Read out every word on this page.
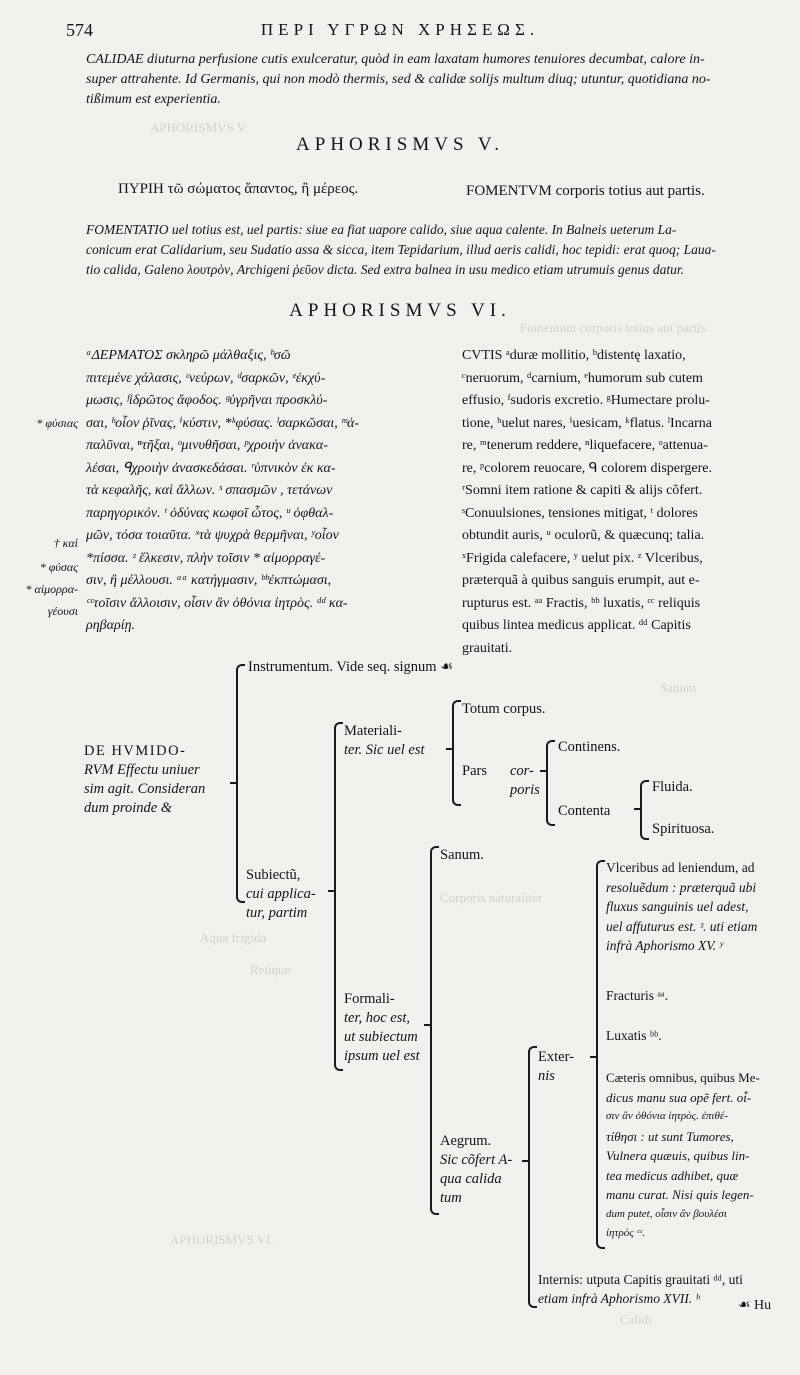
APHORISMVS V.
Fomentum corporis totius aut partis.
Corporis naturaliter
Aqua frigida
APHORISMVS VI.
Relique
Sanum
Calidi
574	ΠΕΡΙ ΥΓΡΩΝ ΧΡΗΣΕΩΣ.
CALIDAE diuturna perfusione cutis exulceratur, quòd in eam laxatam humores tenuiores decumbat, calore in-
super attrahente. Id Germanis, qui non modò thermis, sed & calidæ solijs multum diuq; utuntur, quotidiana no-
tißimum est experientia.
APHORISMVS V.
ΠΥΡΙΗ τῶ σώματος ἅπαντος, ἢ μέρεος.	FOMENTVM corporis totius aut partis.
FOMENTATIO uel totius est, uel partis: siue ea fiat uapore calido, siue aqua calente. In Balneis ueterum La-
conicum erat Calidarium, seu Sudatio assa & sicca, item Tepidarium, illud aeris calidi, hoc tepidi: erat quoq; Laua-
tio calida, Galeno λουτρὸν, Archigeni ῥεῦον dicta. Sed extra balnea in usu medico etiam utrumuis genus datur.
APHORISMVS VI.
* φύσιας
† καὶ
* φύσας
* αἱμορρα-
γέουσι
ᵃΔΕΡΜΑΤΟΣ σκληρῶ μάλθαξις, ᵇσῶ
πιτεμένε χάλασις, ᶜνεύρων, ᵈσαρκῶν, ᵉἐκχύ-
μωσις, ᶠἱδρῶτος ἄφοδος. ᵍὑγρῆναι προσκλύ-
σαι, ʰοἷον ῥῖνας, ⁱκύστιν, *ᵏφύσας. ˡσαρκῶσαι, ᵐἁ-
παλῦναι, ⁿτῆξαι, ᵒμινυθῆσαι, ᵖχροιὴν ἀνακα-
λέσαι, ᑫχροιὴν ἀνασκεδάσαι. ʳὑπνικὸν ἐκ κα-
τὰ κεφαλῆς, καὶ ἄλλων. ˢ σπασμῶν , τετάνων
παρηγορικόν. ᵗ ὀδύνας κωφοῖ ὦτος, ᵘ ὀφθαλ-
μῶν, τόσα τοιαῦτα. ˣτὰ ψυχρὰ θερμῆναι, ʸοἷον
*πίσσα. ᶻ ἕλκεσιν, πλὴν τοῖσιν * αἱμορραγέ-
σιν, ἢ μέλλουσι. ᵃᵃ κατήγμασιν, ᵇᵇἐκπτώμασι,
ᶜᶜτοῖσιν ἄλλοισιν, οἷσιν ἂν ὀθόνια ἰητρὸς. ᵈᵈ κα-
ρηβαρίῃ.
CVTIS ᵃduræ mollitio, ᵇdistentę laxatio,
ᶜneruorum, ᵈcarnium, ᵉhumorum sub cutem
effusio, ᶠsudoris excretio. ᵍHumectare prolu-
tione, ʰuelut nares, ⁱuesicam, ᵏflatus. ˡIncarna
re, ᵐtenerum reddere, ⁿliquefacere, ᵒattenua-
re, ᵖcolorem reuocare, ᑫ colorem dispergere.
ʳSomni item ratione & capiti & alijs cõfert.
ˢConuulsiones, tensiones mitigat, ᵗ dolores
obtundit auris, ᵘ oculorũ, & quæcunq; talia.
ˣFrigida calefacere, ʸ uelut pix. ᶻ Vlceribus,
præterquã à quibus sanguis erumpit, aut e-
rupturus est. ᵃᵃ Fractis, ᵇᵇ luxatis, ᶜᶜ reliquis
quibus lintea medicus applicat. ᵈᵈ Capitis
grauitati.
DE HVMIDO-
RVM Effectu uniuer
sim agit. Consideran
dum proinde &
Instrumentum. Vide seq. signum ☙
Subiectũ,
cui applica-
tur, partim
Materiali-
ter. Sic uel est
Totum corpus.
Pars cor-
poris
Continens.
Contenta
Fluida.
Spirituosa.
Formali-
ter, hoc est,
ut subiectum
ipsum uel est
Sanum.
Aegrum.
Sic cõfert A-
qua calida
tum
Exter-
nis
Vlceribus ad leniendum, ad
resoluẽdum : præterquã ubi
fluxus sanguinis uel adest,
uel affuturus est. ᶻ. uti etiam
infrà Aphorismo XV. ʸ
Fracturis ᵃᵃ.
Luxatis ᵇᵇ.
Cæteris omnibus, quibus Me-
dicus manu sua opẽ fert. οἷ-
σιν ἂν ὀθόνια ἰητρὸς. ἐπιθέ-
τίθησι : ut sunt Tumores,
Vulnera quæuis, quibus lin-
tea medicus adhibet, quæ
manu curat. Nisi quis legen-
dum putet, οἷσιν ἂν βουλέσι
ἰητρὸς ᶜᶜ.
Internis: utputa Capitis grauitati ᵈᵈ, uti
etiam infrà Aphorismo XVII. ʰ	☙ Hu
